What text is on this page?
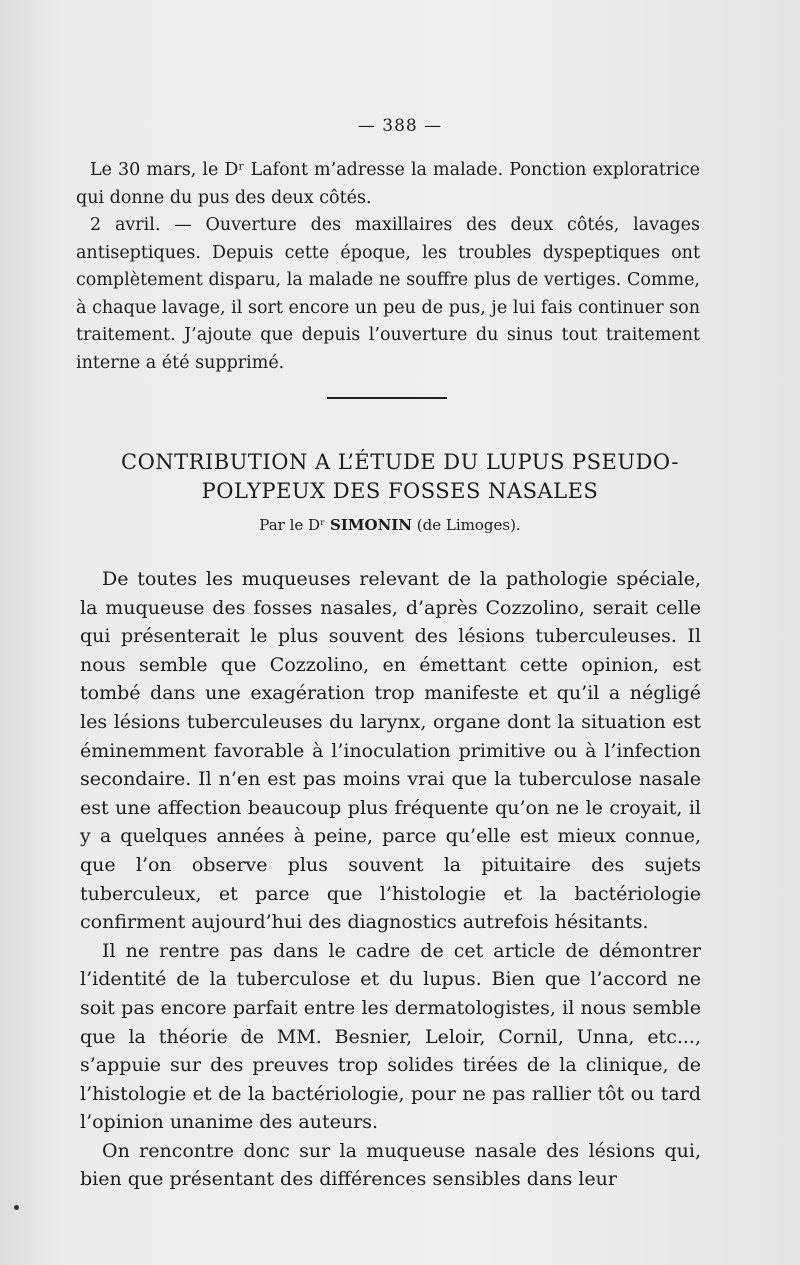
— 388 —

Le 30 mars, le Dʳ Lafont m’adresse la malade. Ponction exploratrice qui donne du pus des deux côtés.

2 avril. — Ouverture des maxillaires des deux côtés, lavages antiseptiques. Depuis cette époque, les troubles dyspeptiques ont complètement disparu, la malade ne souffre plus de vertiges. Comme, à chaque lavage, il sort encore un peu de pus, je lui fais continuer son traitement. J’ajoute que depuis l’ouverture du sinus tout traitement interne a été supprimé.

CONTRIBUTION A L’ÉTUDE DU LUPUS PSEUDO-
POLYPEUX DES FOSSES NASALES
Par le Dʳ SIMONIN (de Limoges).

De toutes les muqueuses relevant de la pathologie spéciale, la muqueuse des fosses nasales, d’après Cozzolino, serait celle qui présenterait le plus souvent des lésions tuberculeuses. Il nous semble que Cozzolino, en émettant cette opinion, est tombé dans une exagération trop manifeste et qu’il a négligé les lésions tuberculeuses du larynx, organe dont la situation est éminemment favorable à l’inoculation primitive ou à l’infection secondaire. Il n’en est pas moins vrai que la tuberculose nasale est une affection beaucoup plus fréquente qu’on ne le croyait, il y a quelques années à peine, parce qu’elle est mieux connue, que l’on observe plus souvent la pituitaire des sujets tuberculeux, et parce que l’histologie et la bactériologie confirment aujourd’hui des diagnostics autrefois hésitants.

Il ne rentre pas dans le cadre de cet article de démontrer l’identité de la tuberculose et du lupus. Bien que l’accord ne soit pas encore parfait entre les dermatologistes, il nous semble que la théorie de MM. Besnier, Leloir, Cornil, Unna, etc..., s’appuie sur des preuves trop solides tirées de la clinique, de l’histologie et de la bactériologie, pour ne pas rallier tôt ou tard l’opinion unanime des auteurs.

On rencontre donc sur la muqueuse nasale des lésions qui, bien que présentant des différences sensibles dans leur
